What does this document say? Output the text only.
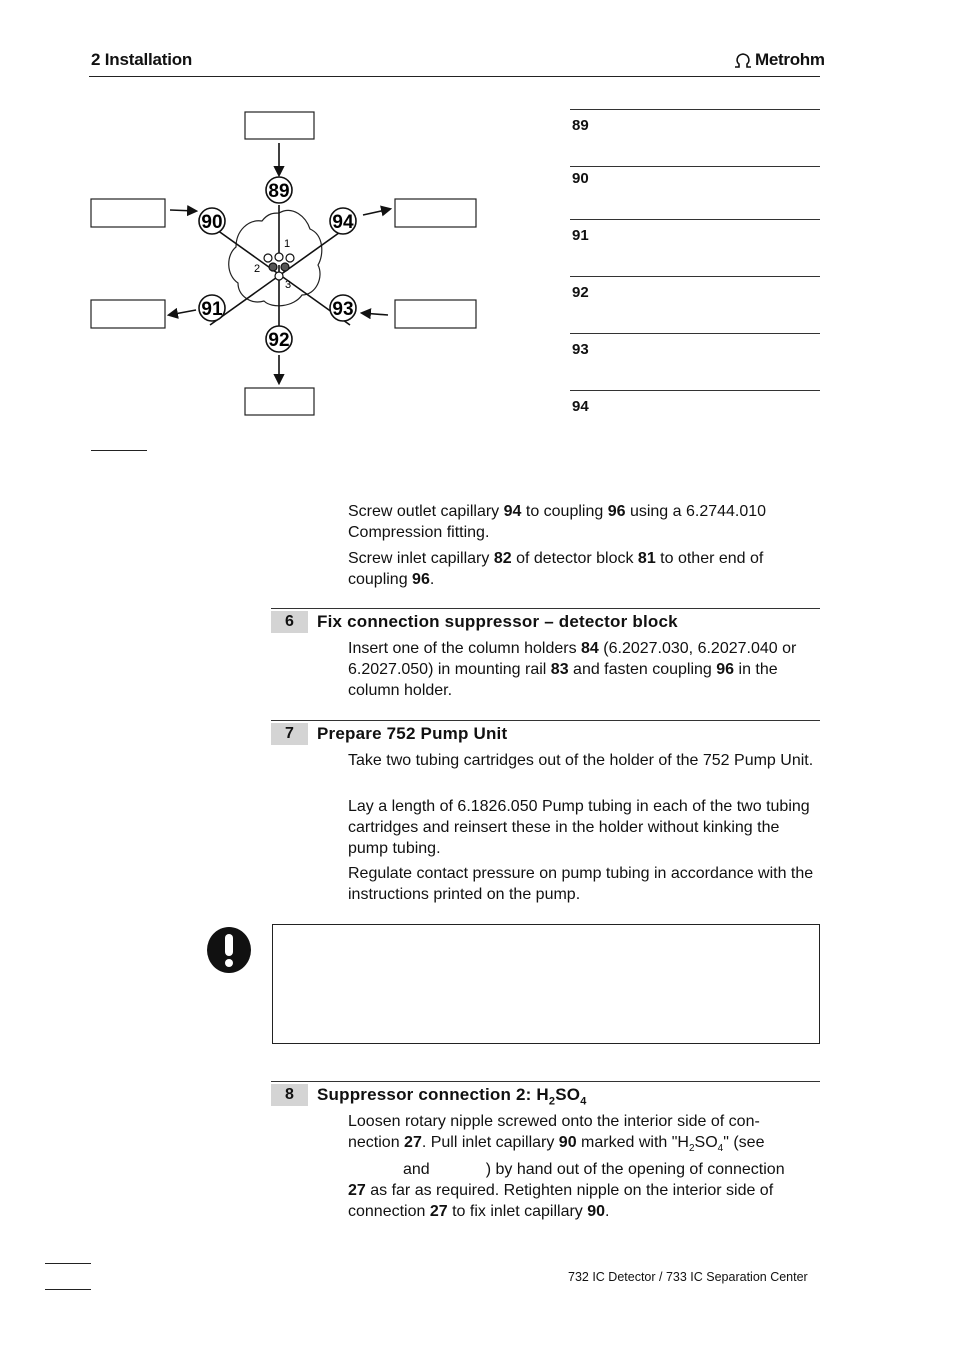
2 Installation	Metrohm
1
2
3
89
90	94
91	93
92
89
90
91
92
93
94
Screw outlet capillary 94 to coupling 96 using a 6.2744.010 Compression fitting.
Screw inlet capillary 82 of detector block 81 to other end of coupling 96.
6	Fix connection suppressor – detector block
Insert one of the column holders 84 (6.2027.030, 6.2027.040 or 6.2027.050) in mounting rail 83 and fasten coupling 96 in the column holder.
7	Prepare 752 Pump Unit
Take two tubing cartridges out of the holder of the 752 Pump Unit.
Lay a length of 6.1826.050 Pump tubing in each of the two tubing cartridges and reinsert these in the holder without kinking the pump tubing.
Regulate contact pressure on pump tubing in accordance with the instructions printed on the pump.
8	Suppressor connection 2: $H_2SO_4$
Loosen rotary nipple screwed onto the interior side of con-
nection 27. Pull inlet capillary 90 marked with "$H_2SO_4$" (see
and	) by hand out of the opening of connection
27 as far as required. Retighten nipple on the interior side of
connection 27 to fix inlet capillary 90.
732 IC Detector / 733 IC Separation Center
